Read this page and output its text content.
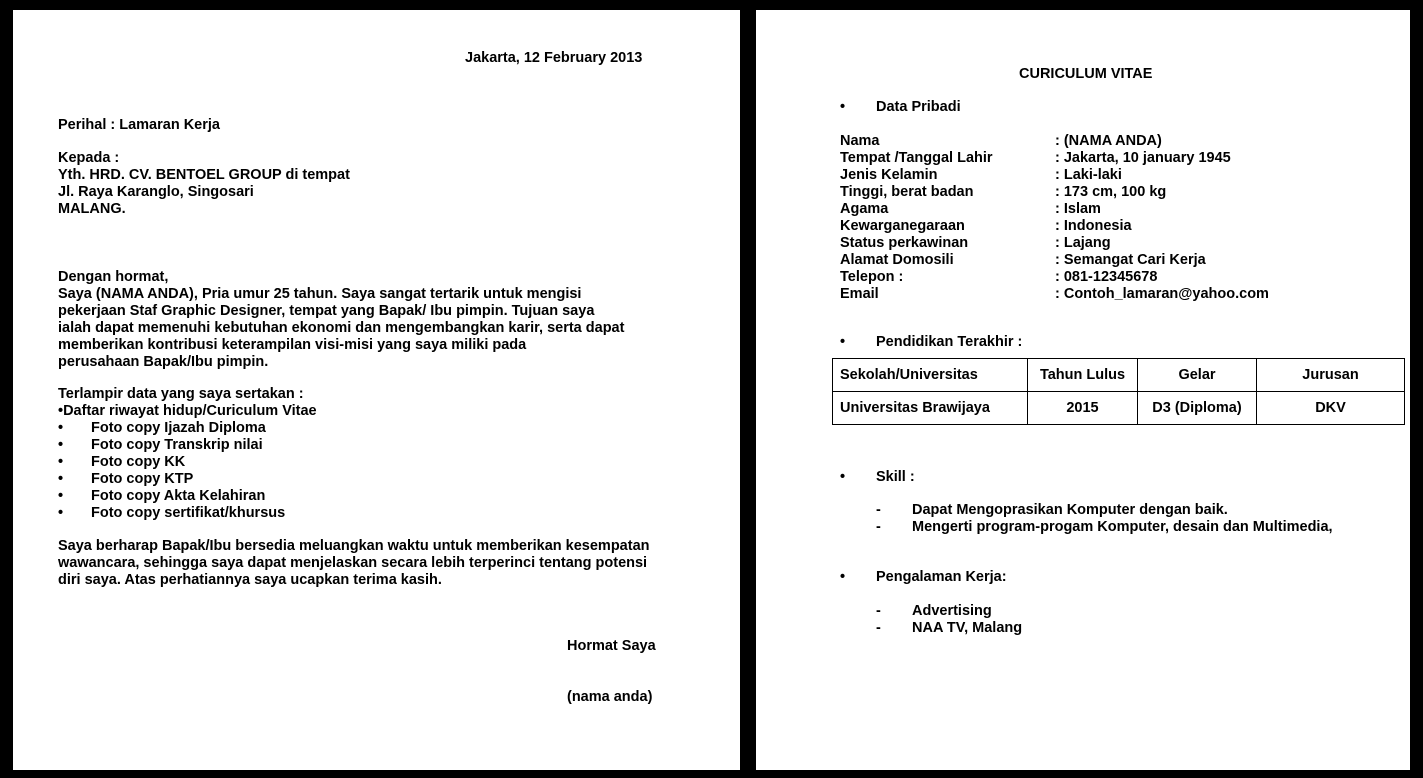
Jakarta, 12 February 2013
Perihal : Lamaran Kerja
Kepada :
Yth. HRD. CV. BENTOEL GROUP di tempat
Jl. Raya Karanglo, Singosari
MALANG.
Dengan hormat,
Saya (NAMA ANDA), Pria umur 25 tahun. Saya sangat tertarik untuk mengisi
pekerjaan Staf Graphic Designer, tempat yang Bapak/ Ibu pimpin. Tujuan saya
ialah dapat memenuhi kebutuhan ekonomi dan mengembangkan karir, serta dapat
memberikan kontribusi keterampilan visi-misi yang saya miliki pada
perusahaan Bapak/Ibu pimpin.
Terlampir data yang saya sertakan :
•Daftar riwayat hidup/Curiculum Vitae
• Foto copy Ijazah Diploma
• Foto copy Transkrip nilai
• Foto copy KK
• Foto copy KTP
• Foto copy Akta Kelahiran
• Foto copy sertifikat/khursus
Saya berharap Bapak/Ibu bersedia meluangkan waktu untuk memberikan kesempatan
wawancara, sehingga saya dapat menjelaskan secara lebih terperinci tentang potensi
diri saya. Atas perhatiannya saya ucapkan terima kasih.
Hormat Saya
(nama anda)
CURICULUM VITAE
• Data Pribadi
Nama	: (NAMA ANDA)
Tempat /Tanggal Lahir	: Jakarta, 10 january 1945
Jenis Kelamin	: Laki-laki
Tinggi, berat badan	: 173 cm, 100 kg
Agama	: Islam
Kewarganegaraan	: Indonesia
Status perkawinan	: Lajang
Alamat Domosili	: Semangat Cari Kerja
Telepon :	: 081-12345678
Email	: Contoh_lamaran@yahoo.com
• Pendidikan Terakhir :
Sekolah/Universitas	Tahun Lulus	Gelar	Jurusan
Universitas Brawijaya	2015	D3 (Diploma)	DKV
• Skill :
- Dapat Mengoprasikan Komputer dengan baik.
- Mengerti program-progam Komputer, desain dan Multimedia,
• Pengalaman Kerja:
- Advertising
- NAA TV, Malang
